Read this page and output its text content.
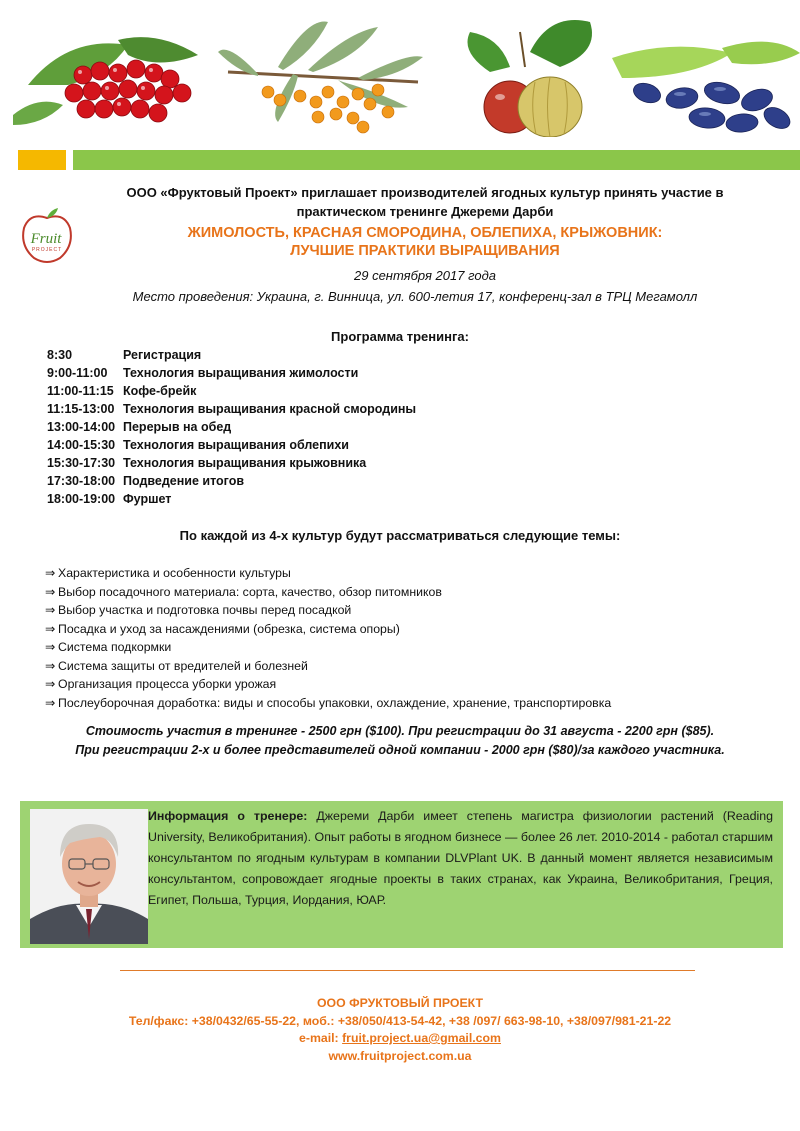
Fruit
PROJECT
ООО «Фруктовый Проект» приглашает производителей ягодных культур принять участие в
практическом тренинге Джереми Дарби
ЖИМОЛОСТЬ, КРАСНАЯ СМОРОДИНА, ОБЛЕПИХА, КРЫЖОВНИК:
ЛУЧШИЕ ПРАКТИКИ ВЫРАЩИВАНИЯ
29 сентября 2017 года
Место проведения: Украина, г. Винница, ул. 600-летия 17, конференц-зал в ТРЦ Мегамолл
Программа тренинга:
8:30	Регистрация
9:00-11:00	Технология выращивания жимолости
11:00-11:15 Кофе-брейк
11:15-13:00 Технология выращивания красной смородины
13:00-14:00 Перерыв на обед
14:00-15:30 Технология выращивания облепихи
15:30-17:30 Технология выращивания крыжовника
17:30-18:00 Подведение итогов
18:00-19:00 Фуршет
По каждой из 4-х культур будут рассматриваться следующие темы:
⇒ Характеристика и особенности культуры
⇒ Выбор посадочного материала: сорта, качество, обзор питомников
⇒ Выбор участка и подготовка почвы перед посадкой
⇒ Посадка и уход за насаждениями (обрезка, система опоры)
⇒ Система подкормки
⇒ Система защиты от вредителей и болезней
⇒ Организация процесса уборки урожая
⇒ Послеуборочная доработка: виды и способы упаковки, охлаждение, хранение, транспортировка
Стоимость участия в тренинге - 2500 грн ($100). При регистрации до 31 августа - 2200 грн ($85).
При регистрации 2-х и более представителей одной компании - 2000 грн ($80)/за каждого участника.
Информация о тренере: Джереми Дарби имеет степень магистра физиологии растений (Reading University, Великобритания). Опыт работы в ягодном бизнесе — более 26 лет. 2010-2014 - работал старшим консультантом по ягодным культурам в компании DLVPlant UK. В данный момент является независимым консультантом, сопровождает ягодные проекты в таких странах, как Украина, Великобритания, Греция, Египет, Польша, Турция, Иордания, ЮАР.
ООО ФРУКТОВЫЙ ПРОЕКТ
Тел/факс: +38/0432/65-55-22, моб.: +38/050/413-54-42, +38 /097/ 663-98-10, +38/097/981-21-22
e-mail: fruit.project.ua@gmail.com
www.fruitproject.com.ua
